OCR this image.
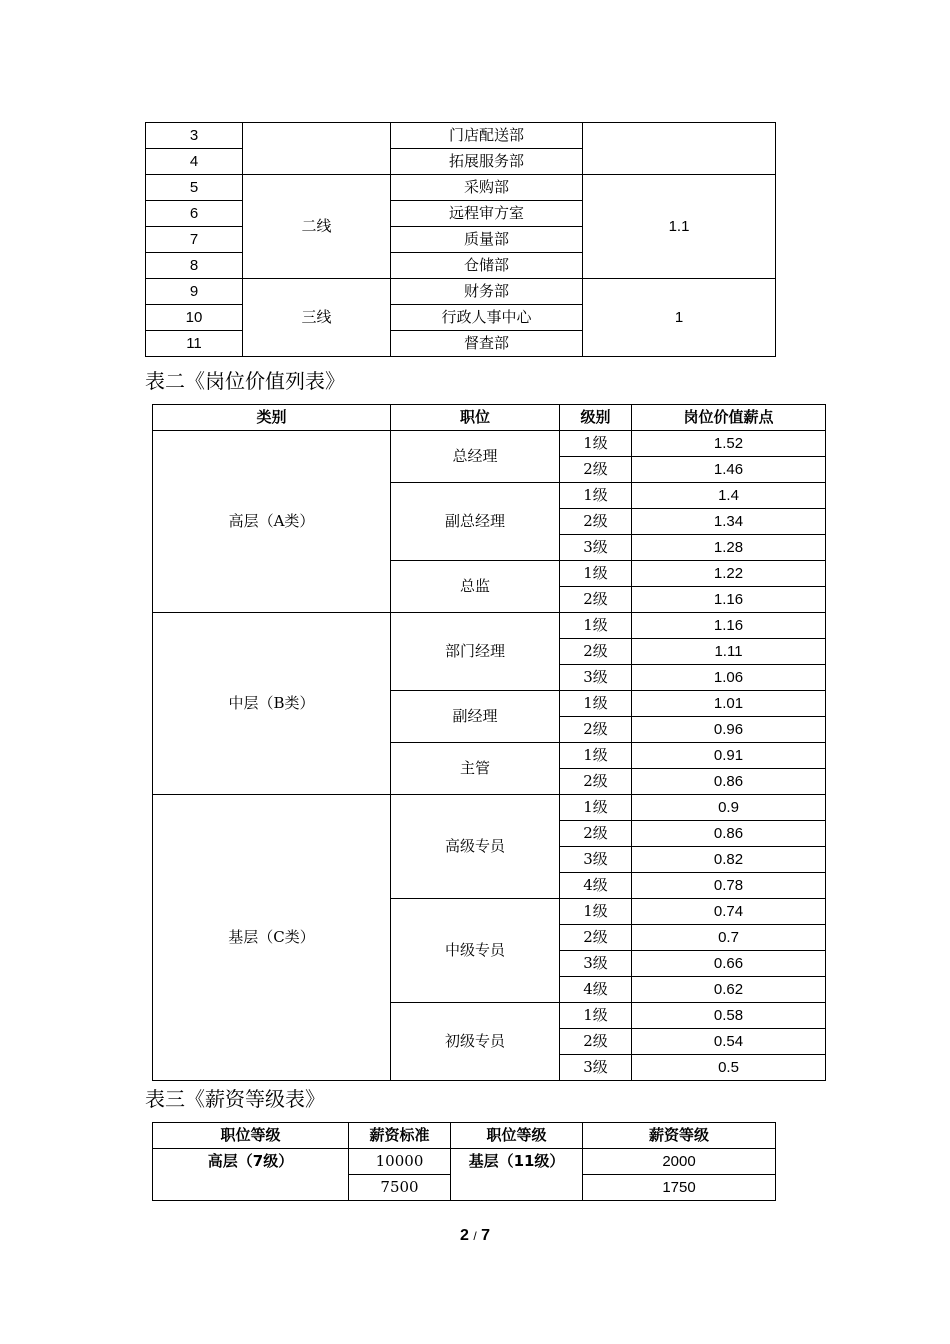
3		门店配送部	
4		拓展服务部	
5	二线	采购部	1.1
6		远程审方室	
7		质量部	
8		仓储部	
9	三线	财务部	1
10		行政人事中心	
11		督查部	
表二《岗位价值列表》
类别	职位	级别	岗位价值薪点
高层（A类）	总经理	1级	1.52
		2级	1.46
	副总经理	1级	1.4
		2级	1.34
		3级	1.28
	总监	1级	1.22
		2级	1.16
中层（B类）	部门经理	1级	1.16
		2级	1.11
		3级	1.06
	副经理	1级	1.01
		2级	0.96
	主管	1级	0.91
		2级	0.86
基层（C类）	高级专员	1级	0.9
		2级	0.86
		3级	0.82
		4级	0.78
	中级专员	1级	0.74
		2级	0.7
		3级	0.66
		4级	0.62
	初级专员	1级	0.58
		2级	0.54
		3级	0.5
表三《薪资等级表》
职位等级	薪资标准	职位等级	薪资等级
高层（7级）	10000	基层（11级）	2000
	7500		1750
2 / 7
